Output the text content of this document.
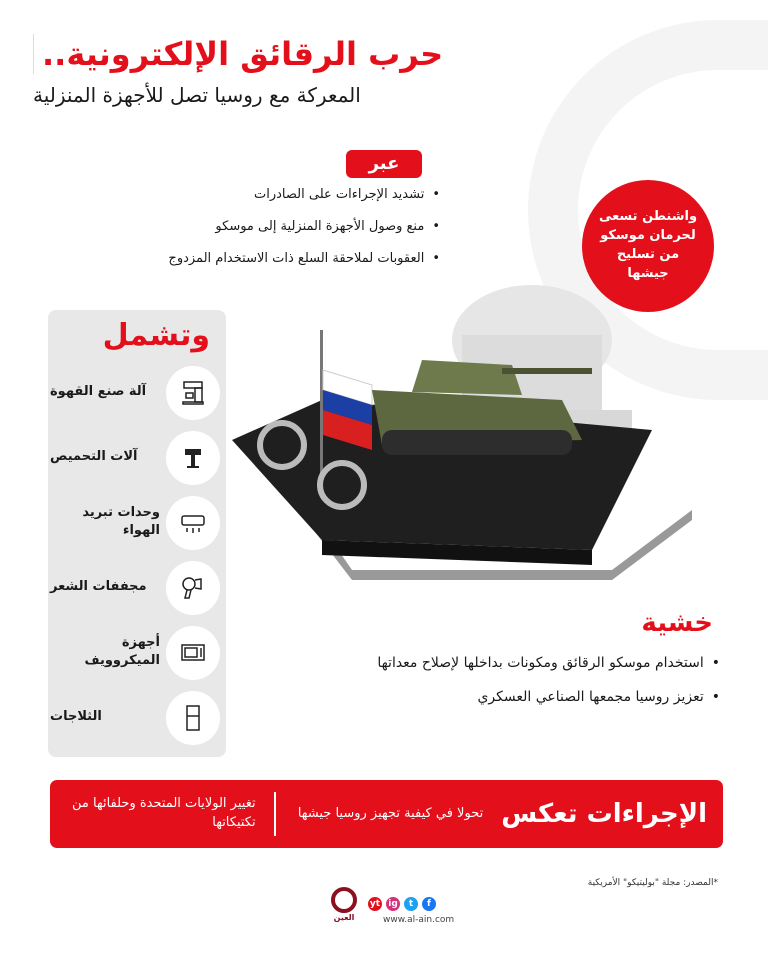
حرب الرقائق الإلكترونية..
المعركة مع روسيا تصل للأجهزة المنزلية
عبر
• تشديد الإجراءات على الصادرات
• منع وصول الأجهزة المنزلية إلى موسكو
• العقوبات لملاحقة السلع ذات الاستخدام المزدوج
واشنطن تسعى لحرمان موسكو من تسليح جيشها
وتشمل
آلة صنع القهوة
آلات التحميص
وحدات تبريد الهواء
مجففات الشعر
أجهزة الميكروويف
الثلاجات
خشية
• استخدام موسكو الرقائق ومكونات بداخلها لإصلاح معداتها
• تعزيز روسيا مجمعها الصناعي العسكري
الإجراءات تعكس
تحولا في كيفية تجهيز روسيا جيشها
تغيير الولايات المتحدة وحلفائها من تكتيكاتها
*المصدر: مجلة "بوليتيكو" الأمريكية
العين
yt ig	t	f
www.al-ain.com
